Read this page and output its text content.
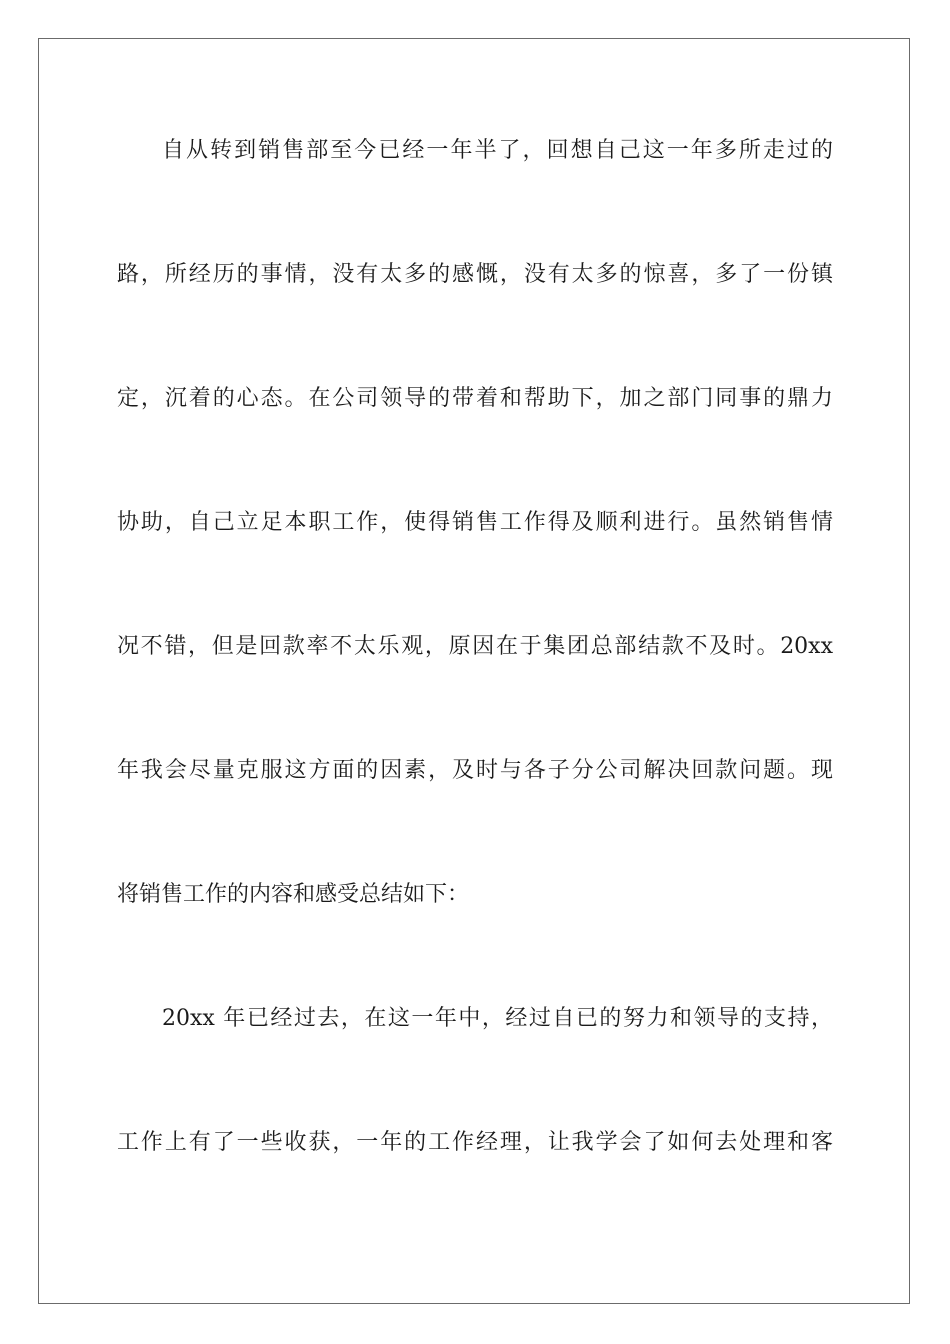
自从转到销售部至今已经一年半了，回想自己这一年多所走过的
路，所经历的事情，没有太多的感慨，没有太多的惊喜，多了一份镇
定，沉着的心态。在公司领导的带着和帮助下，加之部门同事的鼎力
协助，自己立足本职工作，使得销售工作得及顺利进行。虽然销售情
况不错，但是回款率不太乐观，原因在于集团总部结款不及时。20xx
年我会尽量克服这方面的因素，及时与各子分公司解决回款问题。现
将销售工作的内容和感受总结如下：
20xx 年已经过去，在这一年中，经过自已的努力和领导的支持，
工作上有了一些收获，一年的工作经理，让我学会了如何去处理和客
